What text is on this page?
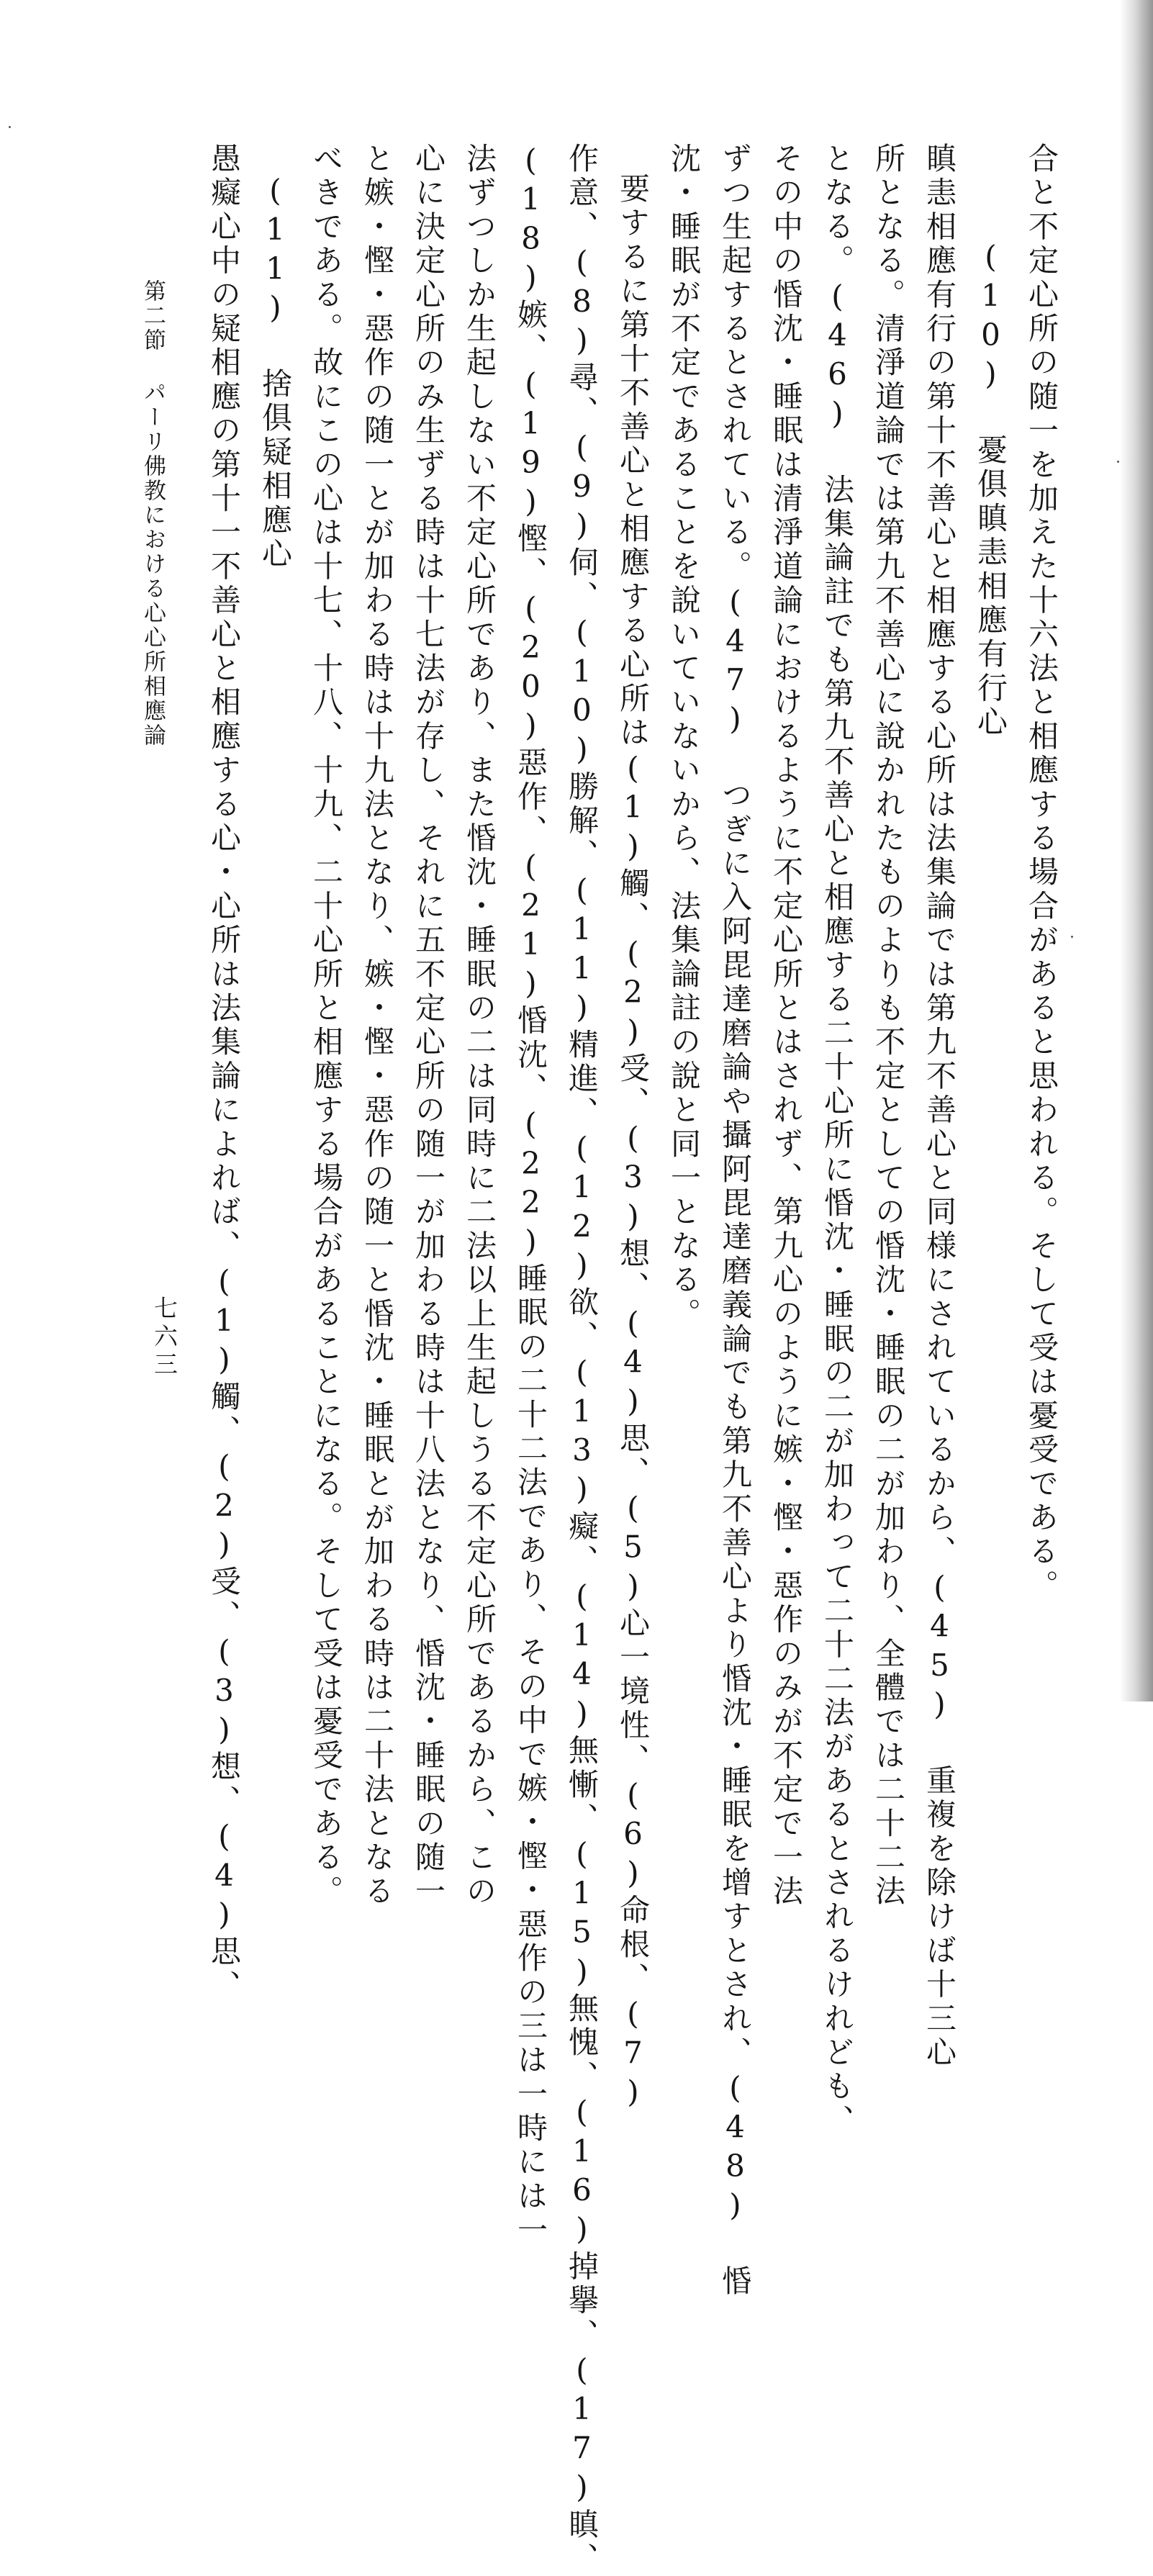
合と不定心所の随一を加えた十六法と相應する場合があると思われる。そして受は憂受である。
(10) 憂俱瞋恚相應有行心
瞋恚相應有行の第十不善心と相應する心所は法集論では第九不善心と同様にされているから、(45) 重複を除けば十三心
所となる。清淨道論では第九不善心に說かれたものよりも不定としての惛沈・睡眠の二が加わり、全體では二十二法
となる。(46) 法集論註でも第九不善心と相應する二十心所に惛沈・睡眠の二が加わって二十二法があるとされるけれども、
その中の惛沈・睡眠は清淨道論におけるように不定心所とはされず、第九心のように嫉・慳・惡作のみが不定で一法
ずつ生起するとされている。(47) つぎに入阿毘達磨論や攝阿毘達磨義論でも第九不善心より惛沈・睡眠を增すとされ、(48) 惛
沈・睡眠が不定であることを說いていないから、法集論註の說と同一となる。
要するに第十不善心と相應する心所は(1)觸、(2)受、(3)想、(4)思、(5)心一境性、(6)命根、(7)
作意、(8)尋、(9)伺、(10)勝解、(11)精進、(12)欲、(13)癡、(14)無慚、(15)無愧、(16)掉擧、(17)瞋、
(18)嫉、(19)慳、(20)惡作、(21)惛沈、(22)睡眠の二十二法であり、その中で嫉・慳・惡作の三は一時には一
法ずつしか生起しない不定心所であり、また惛沈・睡眠の二は同時に二法以上生起しうる不定心所であるから、この
心に決定心所のみ生ずる時は十七法が存し、それに五不定心所の随一が加わる時は十八法となり、惛沈・睡眠の随一
と嫉・慳・惡作の随一とが加わる時は十九法となり、嫉・慳・惡作の随一と惛沈・睡眠とが加わる時は二十法となる
べきである。故にこの心は十七、十八、十九、二十心所と相應する場合があることになる。そして受は憂受である。
(11) 捨俱疑相應心
愚癡心中の疑相應の第十一不善心と相應する心・心所は法集論によれば、(1)觸、(2)受、(3)想、(4)思、
第二節 パーリ佛教における心心所相應論
七六三
